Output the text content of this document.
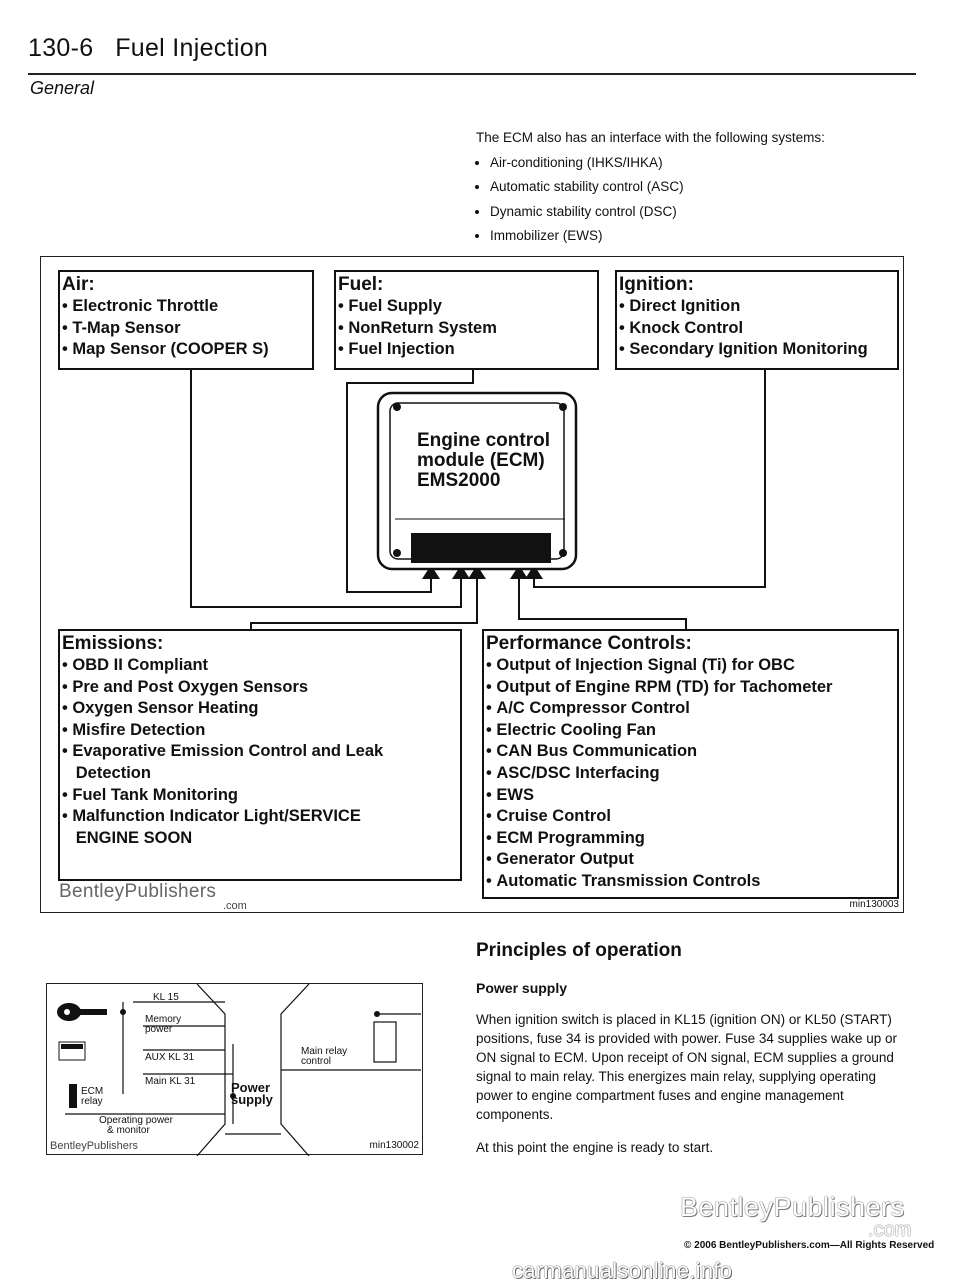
130-6 Fuel Injection
General
The ECM also has an interface with the following systems:
• Air-conditioning (IHKS/IHKA)
• Automatic stability control (ASC)
• Dynamic stability control (DSC)
• Immobilizer (EWS)
Air:
• Electronic Throttle
• T-Map Sensor
• Map Sensor (COOPER S)
Fuel:
• Fuel Supply
• NonReturn System
• Fuel Injection
Ignition:
• Direct Ignition
• Knock Control
• Secondary Ignition Monitoring
Engine control
module (ECM)
EMS2000
Emissions:
• OBD II Compliant
• Pre and Post Oxygen Sensors
• Oxygen Sensor Heating
• Misfire Detection
• Evaporative Emission Control and Leak
Detection
• Fuel Tank Monitoring
• Malfunction Indicator Light/SERVICE
ENGINE SOON
Performance Controls:
• Output of Injection Signal (Ti) for OBC
• Output of Engine RPM (TD) for Tachometer
• A/C Compressor Control
• Electric Cooling Fan
• CAN Bus Communication
• ASC/DSC Interfacing
• EWS
• Cruise Control
• ECM Programming
• Generator Output
• Automatic Transmission Controls
BentleyPublishers
.com	min130003
Principles of operation
Power supply

When ignition switch is placed in KL15 (ignition ON) or KL50 (START) positions, fuse 34 is provided with power. Fuse 34 supplies wake up or ON signal to ECM. Upon receipt of ON signal, ECM supplies a ground signal to main relay. This energizes main relay, supplying operating power to engine compartment fuses and engine management components.

At this point the engine is ready to start.

KL 15
Memory
power
AUX KL 31
Main KL 31
ECM
relay
Operating power
& monitor
Power
supply
Main relay
control
BentleyPublishers	min130002
BentleyPublishers
.com
© 2006 BentleyPublishers.com—All Rights Reserved
carmanualsonline.info
